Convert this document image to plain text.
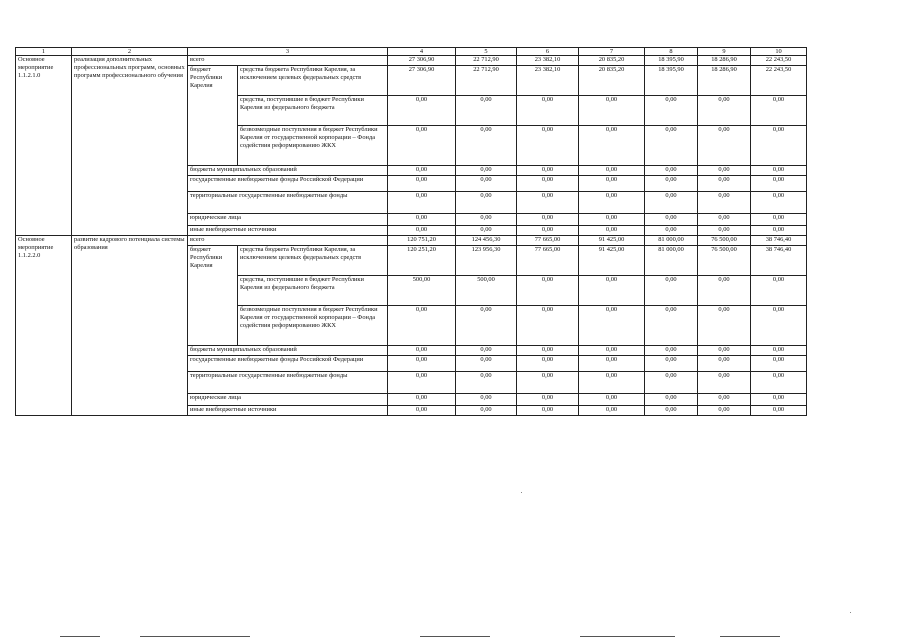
1	2	3		4	5	6	7	8	9	10
Основное мероприятие 1.1.2.1.0	реализация дополнительных профессиональных программ, основных программ профессионального обучения	всего		27 306,90	22 712,90	23 382,10	20 835,20	18 395,90	18 286,90	22 243,50
		бюджет Республики Карелия	средства бюджета Республики Карелия, за исключением целевых федеральных средств	27 306,90	22 712,90	23 382,10	20 835,20	18 395,90	18 286,90	22 243,50
			средства, поступившие в бюджет Республики Карелия из федерального бюджета	0,00	0,00	0,00	0,00	0,00	0,00	0,00
			безвозмездные поступления в бюджет Республики Карелия от государственной корпорации – Фонда содействия реформированию ЖКХ	0,00	0,00	0,00	0,00	0,00	0,00	0,00
		бюджеты муниципальных образований		0,00	0,00	0,00	0,00	0,00	0,00	0,00
		государственные внебюджетные фонды Российской Федерации		0,00	0,00	0,00	0,00	0,00	0,00	0,00
		территориальные государственные внебюджетные фонды		0,00	0,00	0,00	0,00	0,00	0,00	0,00
		юридические лица		0,00	0,00	0,00	0,00	0,00	0,00	0,00
		иные внебюджетные источники		0,00	0,00	0,00	0,00	0,00	0,00	0,00
Основное мероприятие 1.1.2.2.0	развитие кадрового потенциала системы образования	всего		120 751,20	124 456,30	77 665,00	91 425,00	81 000,00	76 500,00	38 746,40
		бюджет Республики Карелия	средства бюджета Республики Карелия, за исключением целевых федеральных средств	120 251,20	123 956,30	77 665,00	91 425,00	81 000,00	76 500,00	38 746,40
			средства, поступившие в бюджет Республики Карелия из федерального бюджета	500,00	500,00	0,00	0,00	0,00	0,00	0,00
			безвозмездные поступления в бюджет Республики Карелия от государственной корпорации – Фонда содействия реформированию ЖКХ	0,00	0,00	0,00	0,00	0,00	0,00	0,00
		бюджеты муниципальных образований		0,00	0,00	0,00	0,00	0,00	0,00	0,00
		государственные внебюджетные фонды Российской Федерации		0,00	0,00	0,00	0,00	0,00	0,00	0,00
		территориальные государственные внебюджетные фонды		0,00	0,00	0,00	0,00	0,00	0,00	0,00
		юридические лица		0,00	0,00	0,00	0,00	0,00	0,00	0,00
		иные внебюджетные источники		0,00	0,00	0,00	0,00	0,00	0,00	0,00
